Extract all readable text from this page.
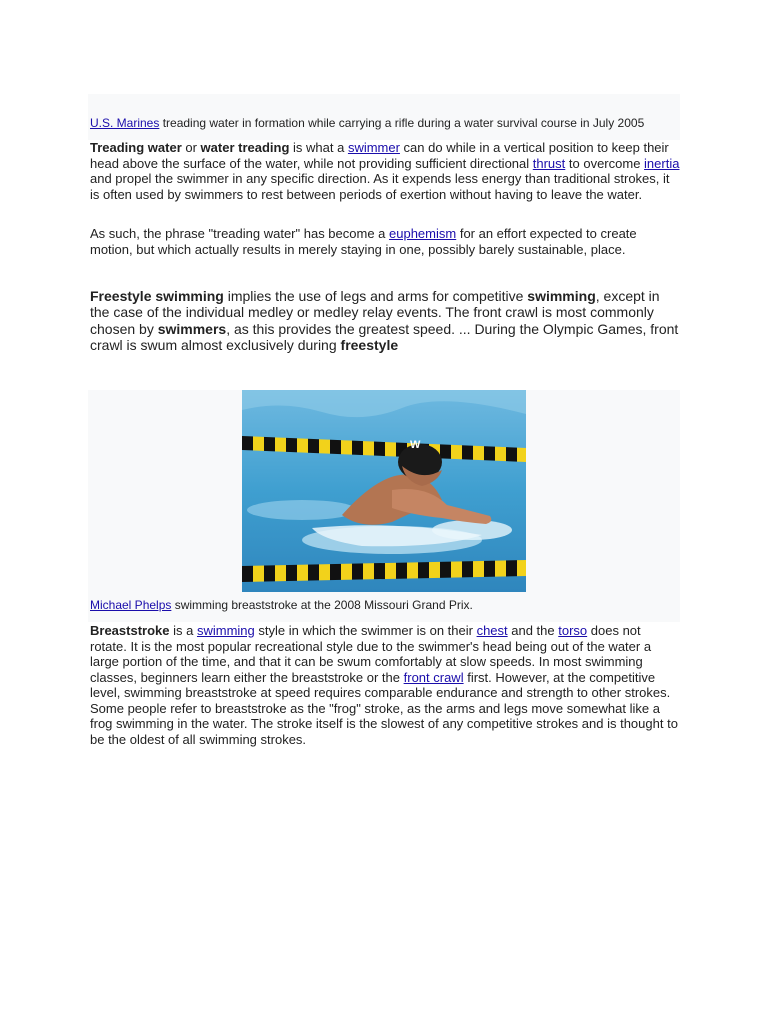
U.S. Marines treading water in formation while carrying a rifle during a water survival course in July 2005

Treading water or water treading is what a swimmer can do while in a vertical position to keep their head above the surface of the water, while not providing sufficient directional thrust to overcome inertia and propel the swimmer in any specific direction. As it expends less energy than traditional strokes, it is often used by swimmers to rest between periods of exertion without having to leave the water.

As such, the phrase "treading water" has become a euphemism for an effort expected to create motion, but which actually results in merely staying in one, possibly barely sustainable, place.

Freestyle swimming implies the use of legs and arms for competitive swimming, except in the case of the individual medley or medley relay events. The front crawl is most commonly chosen by swimmers, as this provides the greatest speed. ... During the Olympic Games, front crawl is swum almost exclusively during freestyle

W
Michael Phelps swimming breaststroke at the 2008 Missouri Grand Prix.

Breaststroke is a swimming style in which the swimmer is on their chest and the torso does not rotate. It is the most popular recreational style due to the swimmer's head being out of the water a large portion of the time, and that it can be swum comfortably at slow speeds. In most swimming classes, beginners learn either the breaststroke or the front crawl first. However, at the competitive level, swimming breaststroke at speed requires comparable endurance and strength to other strokes. Some people refer to breaststroke as the "frog" stroke, as the arms and legs move somewhat like a frog swimming in the water. The stroke itself is the slowest of any competitive strokes and is thought to be the oldest of all swimming strokes.
